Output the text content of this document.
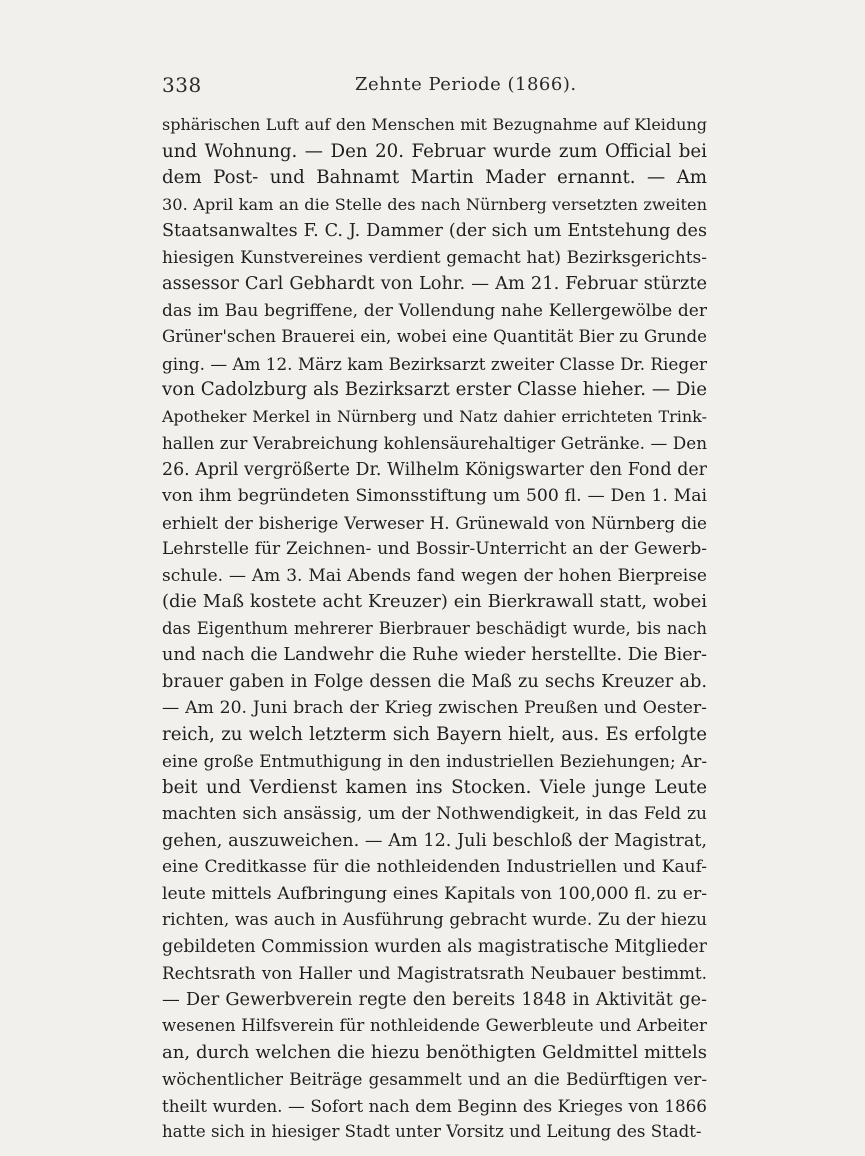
338	Zehnte Periode (1866).
sphärischen Luft auf den Menschen mit Bezugnahme auf Kleidung
und Wohnung. — Den 20. Februar wurde zum Official bei
dem Post- und Bahnamt Martin Mader ernannt. — Am
30. April kam an die Stelle des nach Nürnberg versetzten zweiten
Staatsanwaltes F. C. J. Dammer (der sich um Entstehung des
hiesigen Kunstvereines verdient gemacht hat) Bezirksgerichts-
assessor Carl Gebhardt von Lohr. — Am 21. Februar stürzte
das im Bau begriffene, der Vollendung nahe Kellergewölbe der
Grüner'schen Brauerei ein, wobei eine Quantität Bier zu Grunde
ging. — Am 12. März kam Bezirksarzt zweiter Classe Dr. Rieger
von Cadolzburg als Bezirksarzt erster Classe hieher. — Die
Apotheker Merkel in Nürnberg und Natz dahier errichteten Trink-
hallen zur Verabreichung kohlensäurehaltiger Getränke. — Den
26. April vergrößerte Dr. Wilhelm Königswarter den Fond der
von ihm begründeten Simonsstiftung um 500 fl. — Den 1. Mai
erhielt der bisherige Verweser H. Grünewald von Nürnberg die
Lehrstelle für Zeichnen- und Bossir-Unterricht an der Gewerb-
schule. — Am 3. Mai Abends fand wegen der hohen Bierpreise
(die Maß kostete acht Kreuzer) ein Bierkrawall statt, wobei
das Eigenthum mehrerer Bierbrauer beschädigt wurde, bis nach
und nach die Landwehr die Ruhe wieder herstellte. Die Bier-
brauer gaben in Folge dessen die Maß zu sechs Kreuzer ab.
— Am 20. Juni brach der Krieg zwischen Preußen und Oester-
reich, zu welch letzterm sich Bayern hielt, aus. Es erfolgte
eine große Entmuthigung in den industriellen Beziehungen; Ar-
beit und Verdienst kamen ins Stocken. Viele junge Leute
machten sich ansässig, um der Nothwendigkeit, in das Feld zu
gehen, auszuweichen. — Am 12. Juli beschloß der Magistrat,
eine Creditkasse für die nothleidenden Industriellen und Kauf-
leute mittels Aufbringung eines Kapitals von 100,000 fl. zu er-
richten, was auch in Ausführung gebracht wurde. Zu der hiezu
gebildeten Commission wurden als magistratische Mitglieder
Rechtsrath von Haller und Magistratsrath Neubauer bestimmt.
— Der Gewerbverein regte den bereits 1848 in Aktivität ge-
wesenen Hilfsverein für nothleidende Gewerbleute und Arbeiter
an, durch welchen die hiezu benöthigten Geldmittel mittels
wöchentlicher Beiträge gesammelt und an die Bedürftigen ver-
theilt wurden. — Sofort nach dem Beginn des Krieges von 1866
hatte sich in hiesiger Stadt unter Vorsitz und Leitung des Stadt-
